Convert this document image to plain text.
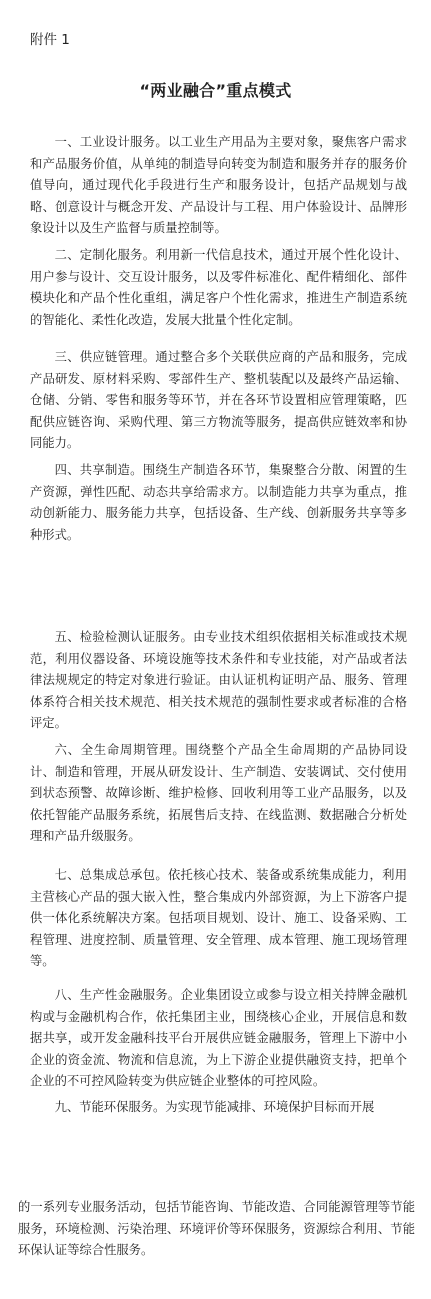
附件 1
“两业融合”重点模式

一、工业设计服务。以工业生产用品为主要对象，聚焦客户需求和产品服务价值，从单纯的制造导向转变为制造和服务并存的服务价值导向，通过现代化手段进行生产和服务设计，包括产品规划与战略、创意设计与概念开发、产品设计与工程、用户体验设计、品牌形象设计以及生产监督与质量控制等。

二、定制化服务。利用新一代信息技术，通过开展个性化设计、用户参与设计、交互设计服务，以及零件标准化、配件精细化、部件模块化和产品个性化重组，满足客户个性化需求，推进生产制造系统的智能化、柔性化改造，发展大批量个性化定制。

三、供应链管理。通过整合多个关联供应商的产品和服务，完成产品研发、原材料采购、零部件生产、整机装配以及最终产品运输、仓储、分销、零售和服务等环节，并在各环节设置相应管理策略，匹配供应链咨询、采购代理、第三方物流等服务，提高供应链效率和协同能力。

四、共享制造。围绕生产制造各环节，集聚整合分散、闲置的生产资源，弹性匹配、动态共享给需求方。以制造能力共享为重点，推动创新能力、服务能力共享，包括设备、生产线、创新服务共享等多种形式。

五、检验检测认证服务。由专业技术组织依据相关标准或技术规范，利用仪器设备、环境设施等技术条件和专业技能，对产品或者法律法规规定的特定对象进行验证。由认证机构证明产品、服务、管理体系符合相关技术规范、相关技术规范的强制性要求或者标准的合格评定。

六、全生命周期管理。围绕整个产品全生命周期的产品协同设计、制造和管理，开展从研发设计、生产制造、安装调试、交付使用到状态预警、故障诊断、维护检修、回收利用等工业产品服务，以及依托智能产品服务系统，拓展售后支持、在线监测、数据融合分析处理和产品升级服务。

七、总集成总承包。依托核心技术、装备或系统集成能力，利用主营核心产品的强大嵌入性，整合集成内外部资源，为上下游客户提供一体化系统解决方案。包括项目规划、设计、施工、设备采购、工程管理、进度控制、质量管理、安全管理、成本管理、施工现场管理等。

八、生产性金融服务。企业集团设立或参与设立相关持牌金融机构或与金融机构合作，依托集团主业，围绕核心企业，开展信息和数据共享，或开发金融科技平台开展供应链金融服务，管理上下游中小企业的资金流、物流和信息流，为上下游企业提供融资支持，把单个企业的不可控风险转变为供应链企业整体的可控风险。

九、节能环保服务。为实现节能减排、环境保护目标而开展

的一系列专业服务活动，包括节能咨询、节能改造、合同能源管理等节能服务，环境检测、污染治理、环境评价等环保服务，资源综合利用、节能环保认证等综合性服务。
